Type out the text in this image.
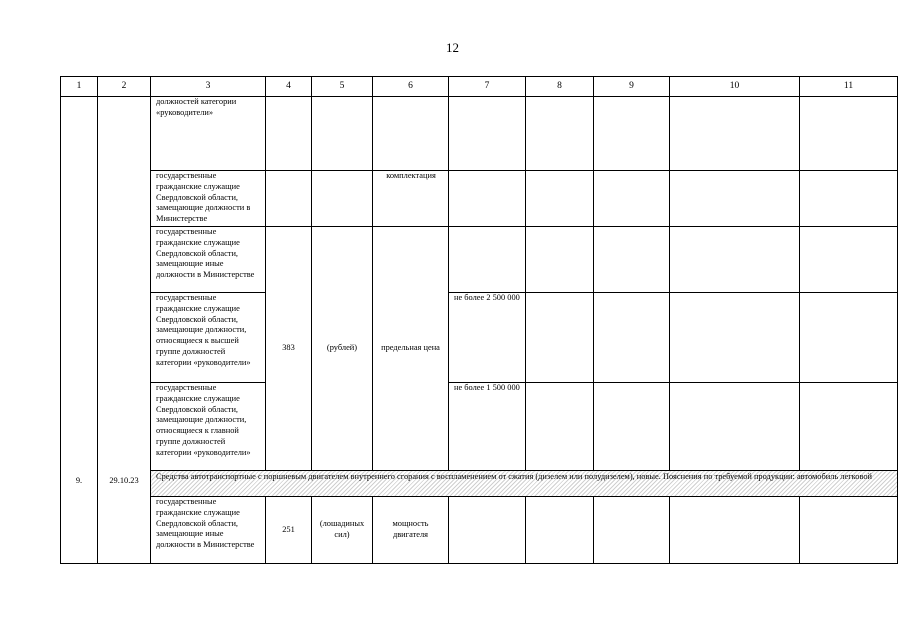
12
1	2	3	4	5	6	7	8	9	10	11
9.	29.10.23	должностей категории «руководители»								
		государственные гражданские служащие Свердловской области, замещающие должности в Министерстве			комплектация					
		государственные гражданские служащие Свердловской области, замещающие иные должности в Министерстве	383	(рублей)	предельная цена					
		государственные гражданские служащие Свердловской области, замещающие должности, относящиеся к высшей группе должностей категории «руководители»				не более 2 500 000				
		государственные гражданские служащие Свердловской области, замещающие должности, относящиеся к главной группе должностей категории «руководители»				не более 1 500 000				
		Средства автотранспортные с поршневым двигателем внутреннего сгорания с воспламенением от сжатия (дизелем или полудизелем), новые. Пояснения по требуемой продукции: автомобиль легковой								
		государственные гражданские служащие Свердловской области, замещающие иные должности в Министерстве	251	(лошадиных сил)	мощность двигателя					
